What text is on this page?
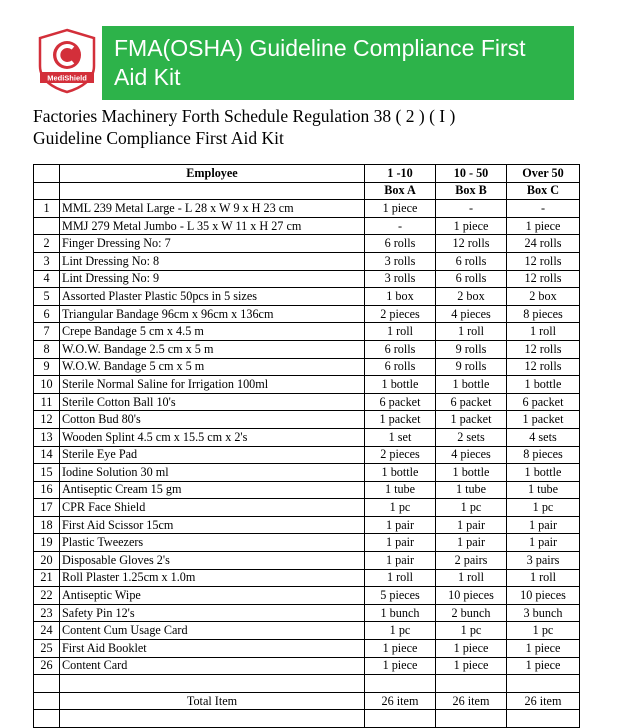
MediShield
FMA(OSHA) Guideline Compliance First
Aid Kit
Factories Machinery Forth Schedule Regulation 38 ( 2 ) ( I )
Guideline Compliance First Aid Kit
	Employee	1 -10	10 - 50	Over 50
		Box A	Box B	Box C
1	MML 239 Metal Large - L 28 x W 9 x H 23 cm	1 piece	-	-
	MMJ 279 Metal Jumbo - L 35 x W 11 x H 27 cm	-	1 piece	1 piece
2	Finger Dressing No: 7	6 rolls	12 rolls	24 rolls
3	Lint Dressing No: 8	3 rolls	6 rolls	12 rolls
4	Lint Dressing No: 9	3 rolls	6 rolls	12 rolls
5	Assorted Plaster Plastic 50pcs in 5 sizes	1 box	2 box	2 box
6	Triangular Bandage 96cm x 96cm x 136cm	2 pieces	4 pieces	8 pieces
7	Crepe Bandage 5 cm x 4.5 m	1 roll	1 roll	1 roll
8	W.O.W. Bandage 2.5 cm x 5 m	6 rolls	9 rolls	12 rolls
9	W.O.W. Bandage 5 cm x 5 m	6 rolls	9 rolls	12 rolls
10	Sterile Normal Saline for Irrigation 100ml	1 bottle	1 bottle	1 bottle
11	Sterile Cotton Ball 10's	6 packet	6 packet	6 packet
12	Cotton Bud 80's	1 packet	1 packet	1 packet
13	Wooden Splint 4.5 cm x 15.5 cm x 2's	1 set	2 sets	4 sets
14	Sterile Eye Pad	2 pieces	4 pieces	8 pieces
15	Iodine Solution 30 ml	1 bottle	1 bottle	1 bottle
16	Antiseptic Cream 15 gm	1 tube	1 tube	1 tube
17	CPR Face Shield	1 pc	1 pc	1 pc
18	First Aid Scissor 15cm	1 pair	1 pair	1 pair
19	Plastic Tweezers	1 pair	1 pair	1 pair
20	Disposable Gloves 2's	1 pair	2 pairs	3 pairs
21	Roll Plaster 1.25cm x 1.0m	1 roll	1 roll	1 roll
22	Antiseptic Wipe	5 pieces	10 pieces	10 pieces
23	Safety Pin 12's	1 bunch	2 bunch	3 bunch
24	Content Cum Usage Card	1 pc	1 pc	1 pc
25	First Aid Booklet	1 piece	1 piece	1 piece
26	Content Card	1 piece	1 piece	1 piece

	Total Item	26 item	26 item	26 item
